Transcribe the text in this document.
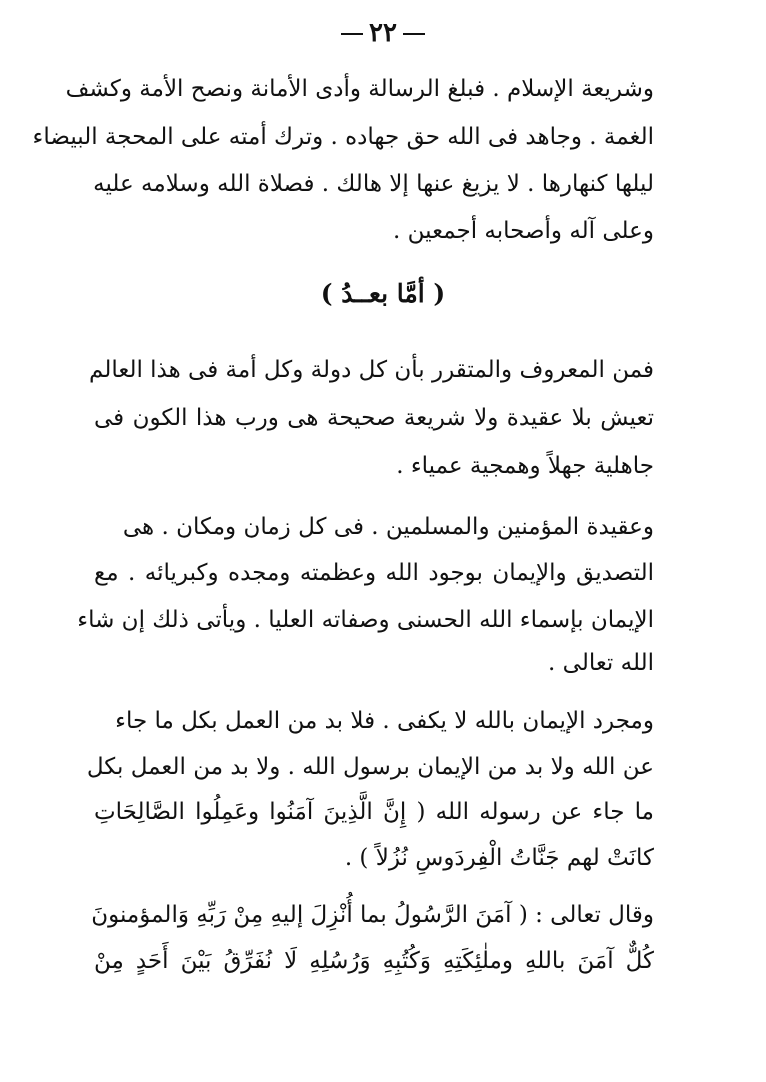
٢٢
وشريعة الإسلام . فبلغ الرسالة وأدى الأمانة ونصح الأمة وكشف
الغمة . وجاهد فى الله حق جهاده . وترك أمته على المحجة البيضاء
ليلها كنهارها . لا يزيغ عنها إلا هالك . فصلاة الله وسلامه عليه
وعلى آله وأصحابه أجمعين .
( أمَّا بعــدُ )
فمن المعروف والمتقرر بأن كل دولة وكل أمة فى هذا العالم
تعيش بلا عقيدة ولا شريعة صحيحة هى ورب هذا الكون فى
جاهلية جهلاً وهمجية عمياء .
وعقيدة المؤمنين والمسلمين . فى كل زمان ومكان . هى
التصديق والإيمان بوجود الله وعظمته ومجده وكبريائه . مع
الإيمان بإسماء الله الحسنى وصفاته العليا . ويأتى ذلك إن شاء
الله تعالى .
ومجرد الإيمان بالله لا يكفى . فلا بد من العمل بكل ما جاء
عن الله ولا بد من الإيمان برسول الله . ولا بد من العمل بكل
ما جاء عن رسوله الله ( إِنَّ الَّذِينَ آمَنُوا وعَمِلُوا الصَّالِحَاتِ
كانَتْ لهم جَنَّاتُ الْفِردَوسِ نُزُلاً ) .
وقال تعالى : ( آمَنَ الرَّسُولُ بما أُنْزِلَ إليهِ مِنْ رَبِّهِ وَالمؤمنونَ
كُلٌّ آمَنَ باللهِ وملٰئِكَتِهِ وَكُتُبِهِ وَرُسُلِهِ لَا نُفَرِّقُ بَيْنَ أَحَدٍ مِنْ
